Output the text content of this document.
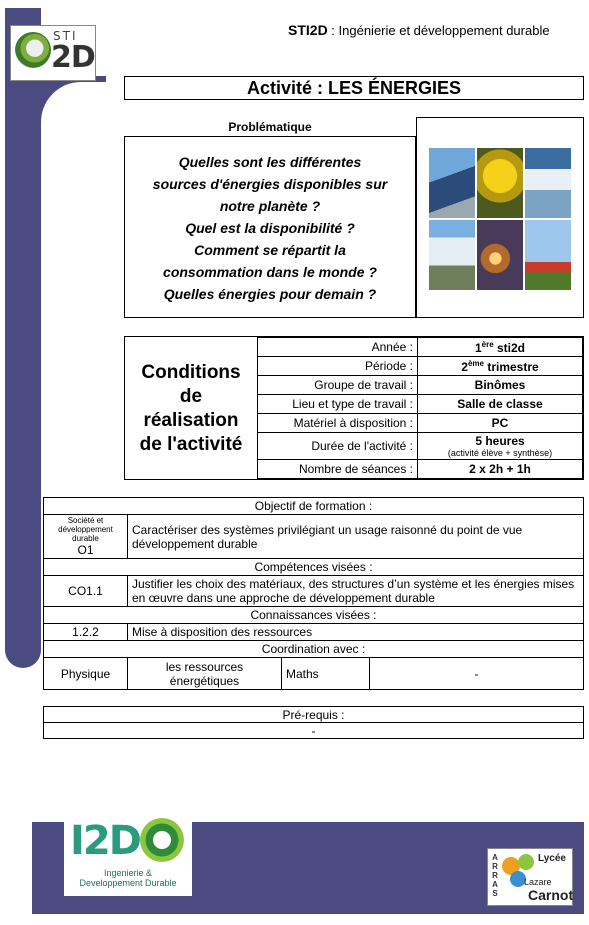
STI
2D
STI2D : Ingénierie et développement durable
Activité : LES ÉNERGIES
Problématique
Quelles sont les différentes
sources d'énergies disponibles sur
notre planète ?
Quel est la disponibilité ?
Comment se répartit la
consommation dans le monde ?
Quelles énergies pour demain ?
Conditions
de
réalisation
de l'activité
Année :	1ère sti2d
Période :	2ème trimestre
Groupe de travail :	Binômes
Lieu et type de travail :	Salle de classe
Matériel à disposition :	PC
Durée de l'activité :	5 heures
(activité élève + synthèse)

Nombre de séances :	2 x 2h + 1h
Objectif de formation :			

Société et développement durable
O1	Caractériser des systèmes privilégiant un usage raisonné du point de vue développement durable		
Compétences visées :			
CO1.1	Justifier les choix des matériaux, des structures d’un système et les énergies mises en œuvre dans une approche de développement durable		
Connaissances visées :			
1.2.2	Mise à disposition des ressources		
Coordination avec :			
Physique	les ressources énergétiques	Maths	-
Pré-requis :
-
I2D
Ingenierie &
Developpement Durable
A
R
R
A
S
Lycée
Lazare
Carnot
